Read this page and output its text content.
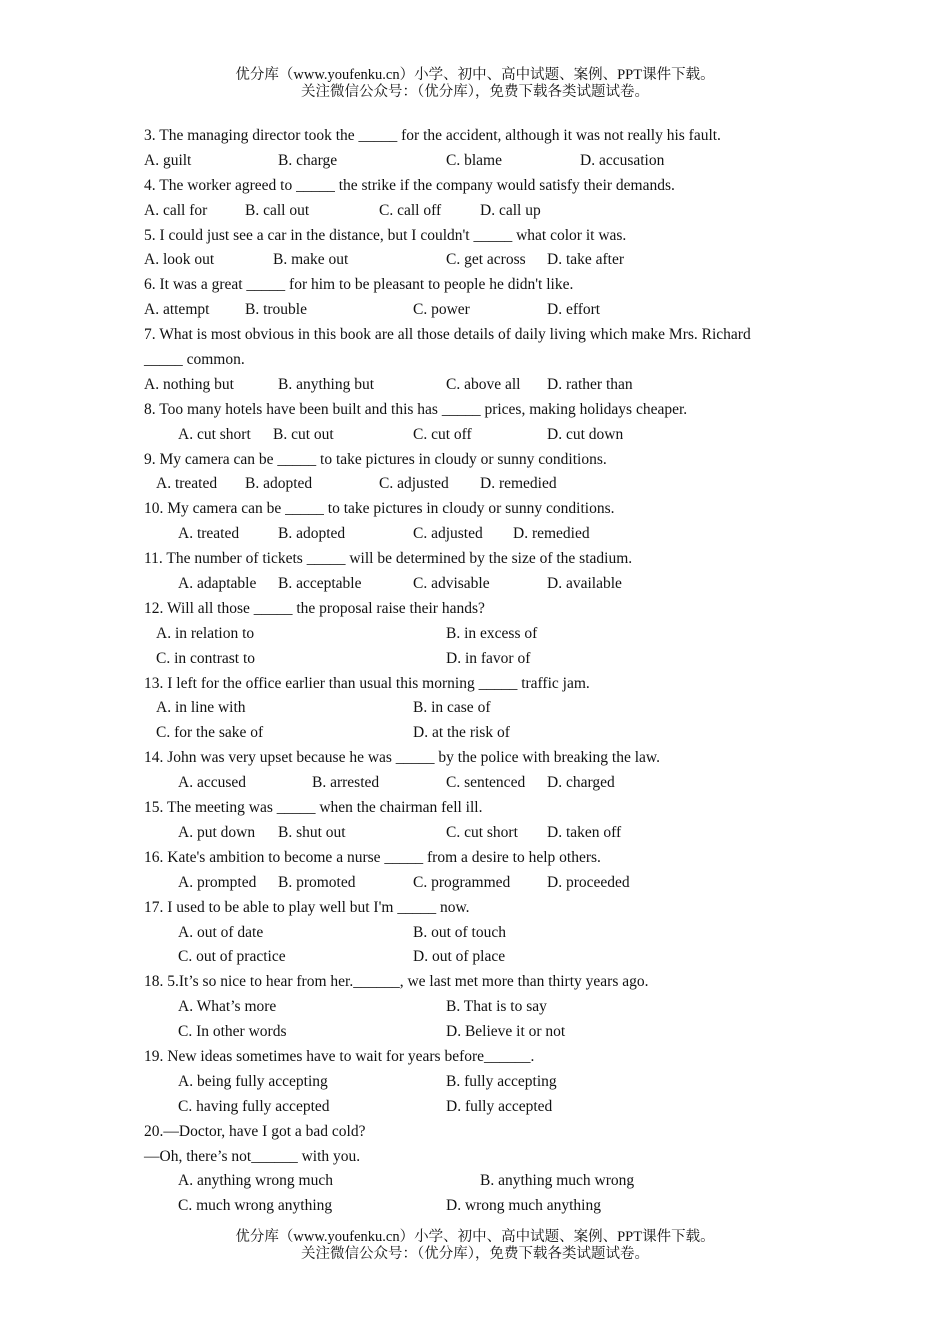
优分库（www.youfenku.cn）小学、初中、高中试题、案例、PPT课件下载。
关注微信公众号：（优分库），免费下载各类试题试卷。
3. The managing director took the _____ for the accident, although it was not really his fault.
A. guilt	B. charge	C. blame	D. accusation
4. The worker agreed to _____ the strike if the company would satisfy their demands.
A. call for B. call out	C. call off	D. call up
5. I could just see a car in the distance, but I couldn't _____ what color it was.
A. look out	B. make out	C. get across D. take after
6. It was a great _____ for him to be pleasant to people he didn't like.
A. attempt B. trouble	C. power	D. effort
7. What is most obvious in this book are all those details of daily living which make Mrs. Richard
_____ common.
A. nothing but	B. anything but	C. above all D. rather than
8. Too many hotels have been built and this has _____ prices, making holidays cheaper.
A. cut short B. cut out	C. cut off	D. cut down
9. My camera can be _____ to take pictures in cloudy or sunny conditions.
A. treated B. adopted	C. adjusted D. remedied
10. My camera can be _____ to take pictures in cloudy or sunny conditions.
A. treated	B. adopted	C. adjusted D. remedied
11. The number of tickets _____ will be determined by the size of the stadium.
A. adaptable B. acceptable	C. advisable	D. available
12. Will all those _____ the proposal raise their hands?
A. in relation to	B. in excess of
C. in contrast to	D. in favor of
13. I left for the office earlier than usual this morning _____ traffic jam.
A. in line with	B. in case of
C. for the sake of	D. at the risk of
14. John was very upset because he was _____ by the police with breaking the law.
A. accused	B. arrested	C. sentenced D. charged
15. The meeting was _____ when the chairman fell ill.
A. put down B. shut out	C. cut short D. taken off
16. Kate's ambition to become a nurse _____ from a desire to help others.
A. prompted B. promoted	C. programmed D. proceeded
17. I used to be able to play well but I'm _____ now.
A. out of date	B. out of touch
C. out of practice	D. out of place
18. 5.It’s so nice to hear from her.______, we last met more than thirty years ago.
A. What’s more	B. That is to say
C. In other words	D. Believe it or not
19. New ideas sometimes have to wait for years before______.
A. being fully accepting	B. fully accepting
C. having fully accepted	D. fully accepted
20.—Doctor, have I got a bad cold?
—Oh, there’s not______ with you.
A. anything wrong much	B. anything much wrong
C. much wrong anything	D. wrong much anything
优分库（www.youfenku.cn）小学、初中、高中试题、案例、PPT课件下载。
关注微信公众号：（优分库），免费下载各类试题试卷。
